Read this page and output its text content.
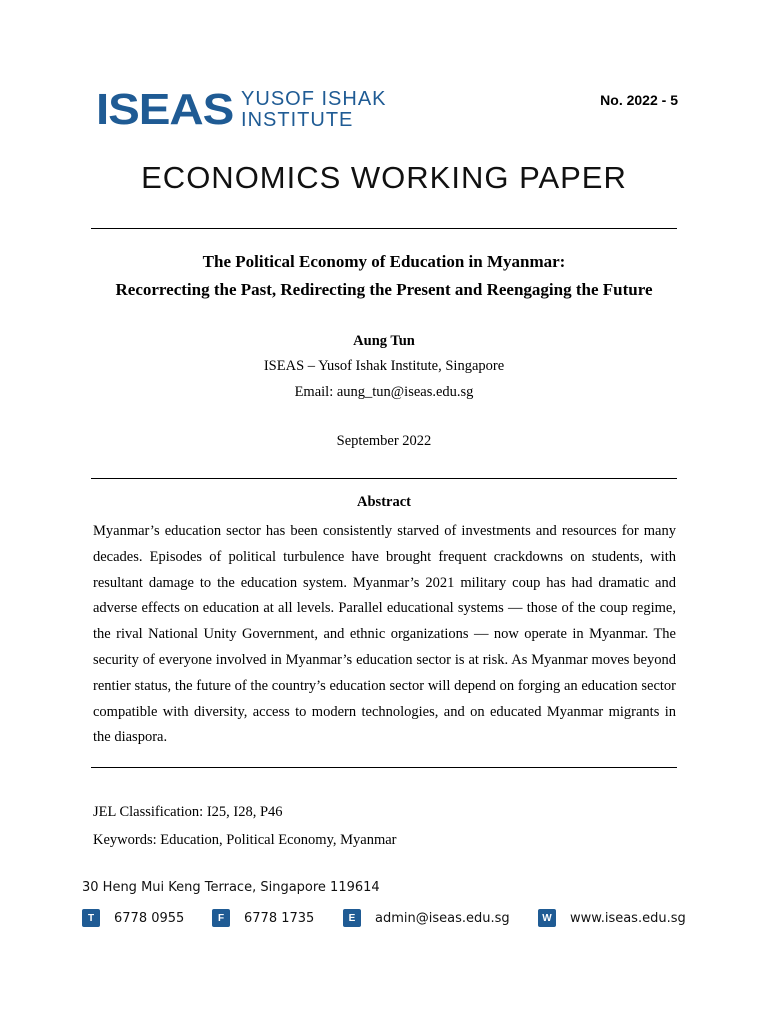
ISEAS YUSOF ISHAK
INSTITUTE
No. 2022 - 5
ECONOMICS WORKING PAPER
The Political Economy of Education in Myanmar:
Recorrecting the Past, Redirecting the Present and Reengaging the Future
Aung Tun
ISEAS – Yusof Ishak Institute, Singapore
Email: aung_tun@iseas.edu.sg
September 2022
Abstract
Myanmar’s education sector has been consistently starved of investments and resources for many decades. Episodes of political turbulence have brought frequent crackdowns on students, with resultant damage to the education system. Myanmar’s 2021 military coup has had dramatic and adverse effects on education at all levels. Parallel educational systems — those of the coup regime, the rival National Unity Government, and ethnic organizations — now operate in Myanmar. The security of everyone involved in Myanmar’s education sector is at risk. As Myanmar moves beyond rentier status, the future of the country’s education sector will depend on forging an education sector compatible with diversity, access to modern technologies, and on educated Myanmar migrants in the diaspora.
JEL Classification: I25, I28, P46
Keywords: Education, Political Economy, Myanmar
30 Heng Mui Keng Terrace, Singapore 119614
T	6778 0955	F	6778 1735	E	admin@iseas.edu.sg	W	www.iseas.edu.sg
